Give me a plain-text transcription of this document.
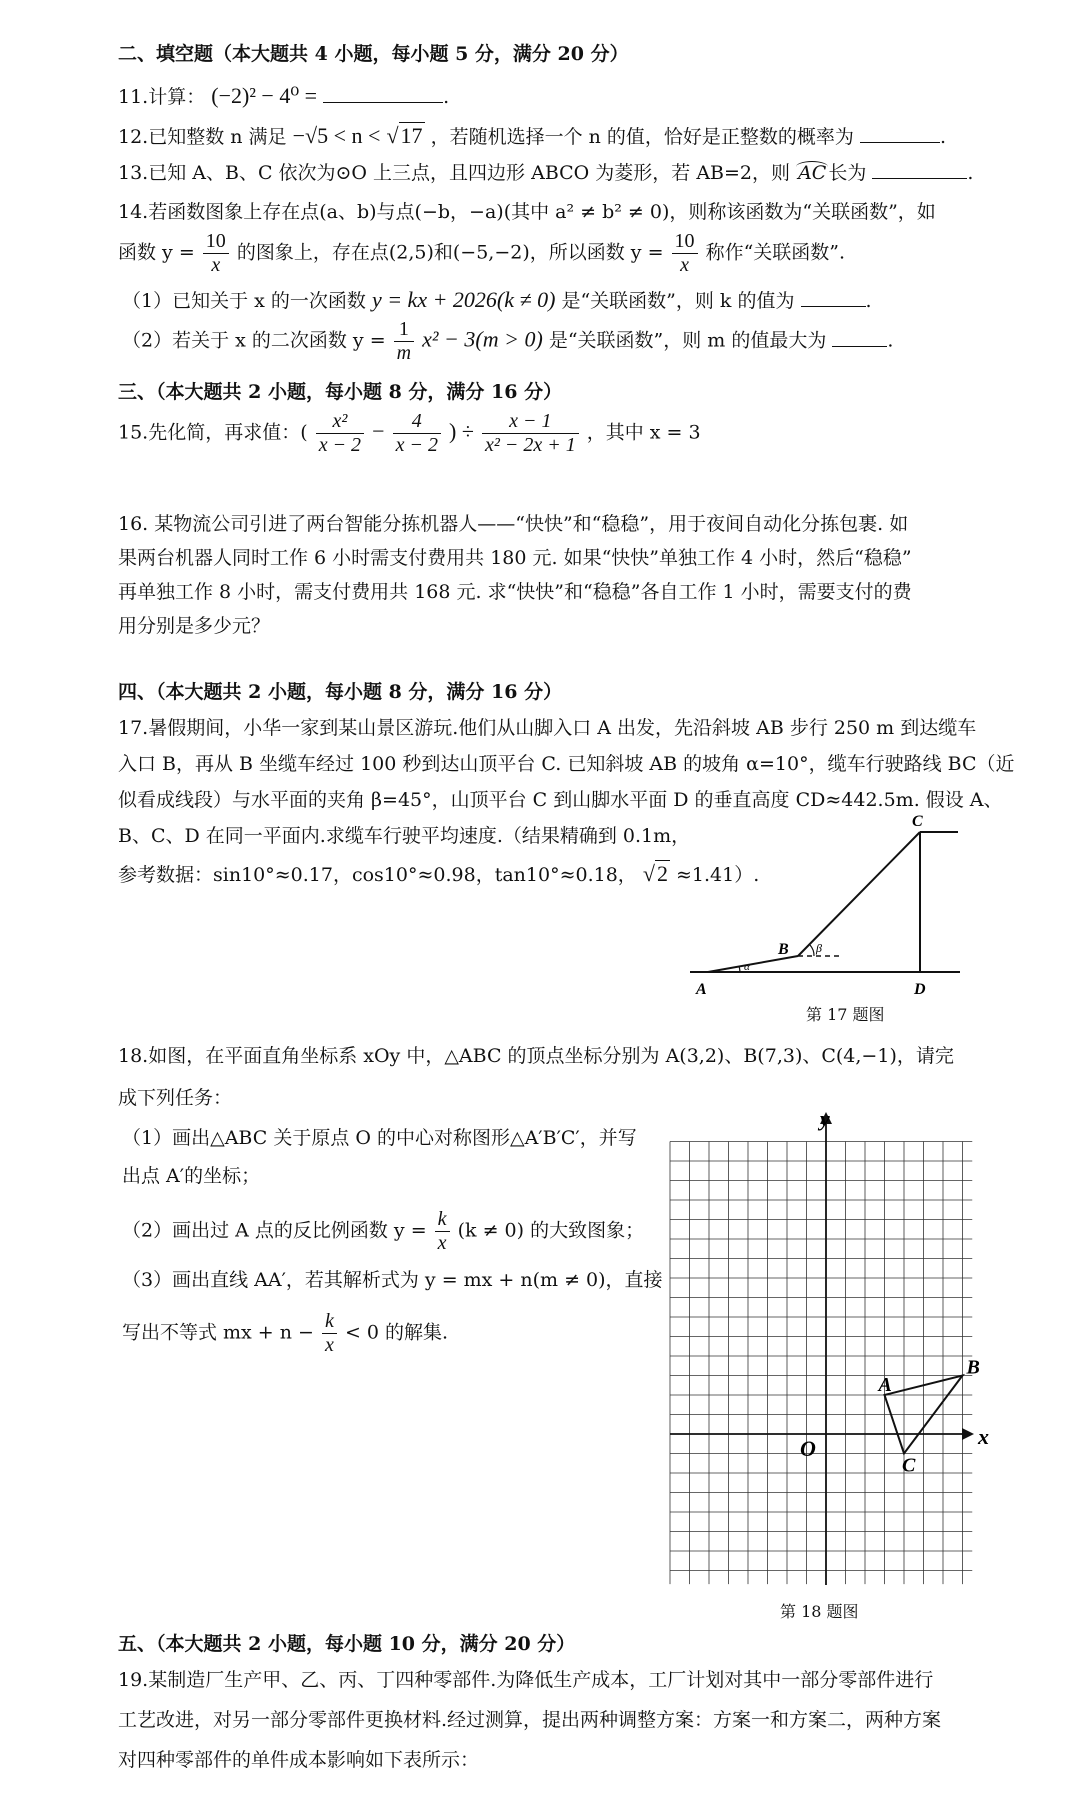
二、填空题（本大题共 4 小题，每小题 5 分，满分 20 分）
11.计算： (−2)² − 4⁰ =	.
12.已知整数 n 满足 −√5 < n < √17 ，若随机选择一个 n 的值，恰好是正整数的概率为	.
13.已知 A、B、C 依次为⊙O 上三点，且四边形 ABCO 为菱形，若 AB=2，则 AC 长为	.
14.若函数图象上存在点(a、b)与点(−b，−a)(其中 a² ≠ b² ≠ 0)，则称该函数为“关联函数”，如
函数 $y = \frac{10}{x}$ 的图象上，存在点(2,5)和(−5,−2)，所以函数 $y = \frac{10}{x}$ 称作“关联函数”.
（1）已知关于 x 的一次函数 y = kx + 2026(k ≠ 0) 是“关联函数”，则 k 的值为	.
（2）若关于 x 的二次函数 $y = \frac{1}{m} x^2 - 3(m > 0)$ 是“关联函数”，则 m 的值最大为	.
三、（本大题共 2 小题，每小题 8 分，满分 16 分）
15.先化简，再求值：( $\frac{\text{x²}}{x - 2} - \frac{4}{x - 2}$ ) ÷ $\frac{x - 1}{\text{x² − 2x + 1}}$ ，其中 x = 3
16. 某物流公司引进了两台智能分拣机器人——“快快”和“稳稳”，用于夜间自动化分拣包裹. 如
果两台机器人同时工作 6 小时需支付费用共 180 元. 如果“快快”单独工作 4 小时，然后“稳稳”
再单独工作 8 小时，需支付费用共 168 元. 求“快快”和“稳稳”各自工作 1 小时，需要支付的费
用分别是多少元？
四、（本大题共 2 小题，每小题 8 分，满分 16 分）
17.暑假期间，小华一家到某山景区游玩.他们从山脚入口 A 出发，先沿斜坡 AB 步行 250 m 到达缆车
入口 B，再从 B 坐缆车经过 100 秒到达山顶平台 C. 已知斜坡 AB 的坡角 α=10°，缆车行驶路线 BC（近
似看成线段）与水平面的夹角 β=45°，山顶平台 C 到山脚水平面 D 的垂直高度 CD≈442.5m. 假设 A、
B、C、D 在同一平面内.求缆车行驶平均速度.（结果精确到 0.1m，
参考数据：sin10°≈0.17，cos10°≈0.98，tan10°≈0.18， √2 ≈1.41）.
A
B
C
D
α
β
第 17 题图
18.如图，在平面直角坐标系 xOy 中，△ABC 的顶点坐标分别为 A(3,2)、B(7,3)、C(4,−1)，请完
成下列任务：
（1）画出△ABC 关于原点 O 的中心对称图形△A′B′C′，并写
出点 A′的坐标；
（2）画出过 A 点的反比例函数 $y = \frac{k}{x} (k \ne 0)$ 的大致图象；
（3）画出直线 AA′，若其解析式为 y = mx + n(m ≠ 0)，直接
写出不等式 mx + $n - \frac{k}{x} < 0$ 的解集.
x
y
O
A
B
C
第 18 题图
五、（本大题共 2 小题，每小题 10 分，满分 20 分）
19.某制造厂生产甲、乙、丙、丁四种零部件.为降低生产成本，工厂计划对其中一部分零部件进行
工艺改进，对另一部分零部件更换材料.经过测算，提出两种调整方案：方案一和方案二，两种方案
对四种零部件的单件成本影响如下表所示：
